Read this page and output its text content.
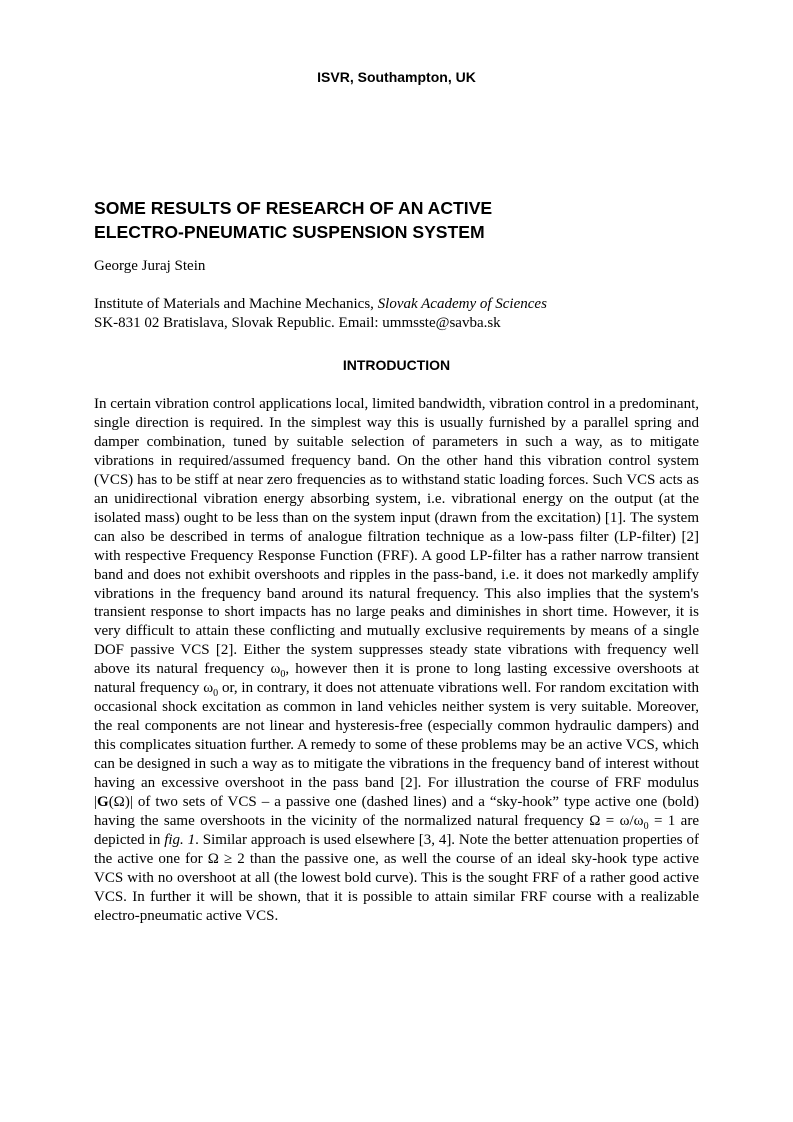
ISVR, Southampton, UK
SOME RESULTS OF RESEARCH OF AN ACTIVE
ELECTRO-PNEUMATIC SUSPENSION SYSTEM
George Juraj Stein
Institute of Materials and Machine Mechanics, Slovak Academy of Sciences
SK-831 02 Bratislava, Slovak Republic. Email: ummsste@savba.sk
INTRODUCTION

In certain vibration control applications local, limited bandwidth, vibration control in a predominant, single direction is required. In the simplest way this is usually furnished by a parallel spring and damper combination, tuned by suitable selection of parameters in such a way, as to mitigate vibrations in required/assumed frequency band. On the other hand this vibration control system (VCS) has to be stiff at near zero frequencies as to withstand static loading forces. Such VCS acts as an unidirectional vibration energy absorbing system, i.e. vibrational energy on the output (at the isolated mass) ought to be less than on the system input (drawn from the excitation) [1]. The system can also be described in terms of analogue filtration technique as a low-pass filter (LP-filter) [2] with respective Frequency Response Function (FRF). A good LP-filter has a rather narrow transient band and does not exhibit overshoots and ripples in the pass-band, i.e. it does not markedly amplify vibrations in the frequency band around its natural frequency. This also implies that the system's transient response to short impacts has no large peaks and diminishes in short time. However, it is very difficult to attain these conflicting and mutually exclusive requirements by means of a single DOF passive VCS [2]. Either the system suppresses steady state vibrations with frequency well above its natural frequency $\omega_0$, however then it is prone to long lasting excessive overshoots at natural frequency $\omega_0$ or, in contrary, it does not attenuate vibrations well. For random excitation with occasional shock excitation as common in land vehicles neither system is very suitable. Moreover, the real components are not linear and hysteresis-free (especially common hydraulic dampers) and this complicates situation further. A remedy to some of these problems may be an active VCS, which can be designed in such a way as to mitigate the vibrations in the frequency band of interest without having an excessive overshoot in the pass band [2]. For illustration the course of FRF modulus |G(Ω)| of two sets of VCS – a passive one (dashed lines) and a “sky-hook” type active one (bold) having the same overshoots in the vicinity of the normalized natural frequency $\Omega = \omega/\omega_0 = 1$ are depicted in fig. 1. Similar approach is used elsewhere [3, 4]. Note the better attenuation properties of the active one for Ω ≥ 2 than the passive one, as well the course of an ideal sky-hook type active VCS with no overshoot at all (the lowest bold curve). This is the sought FRF of a rather good active VCS. In further it will be shown, that it is possible to attain similar FRF course with a realizable electro-pneumatic active VCS.
